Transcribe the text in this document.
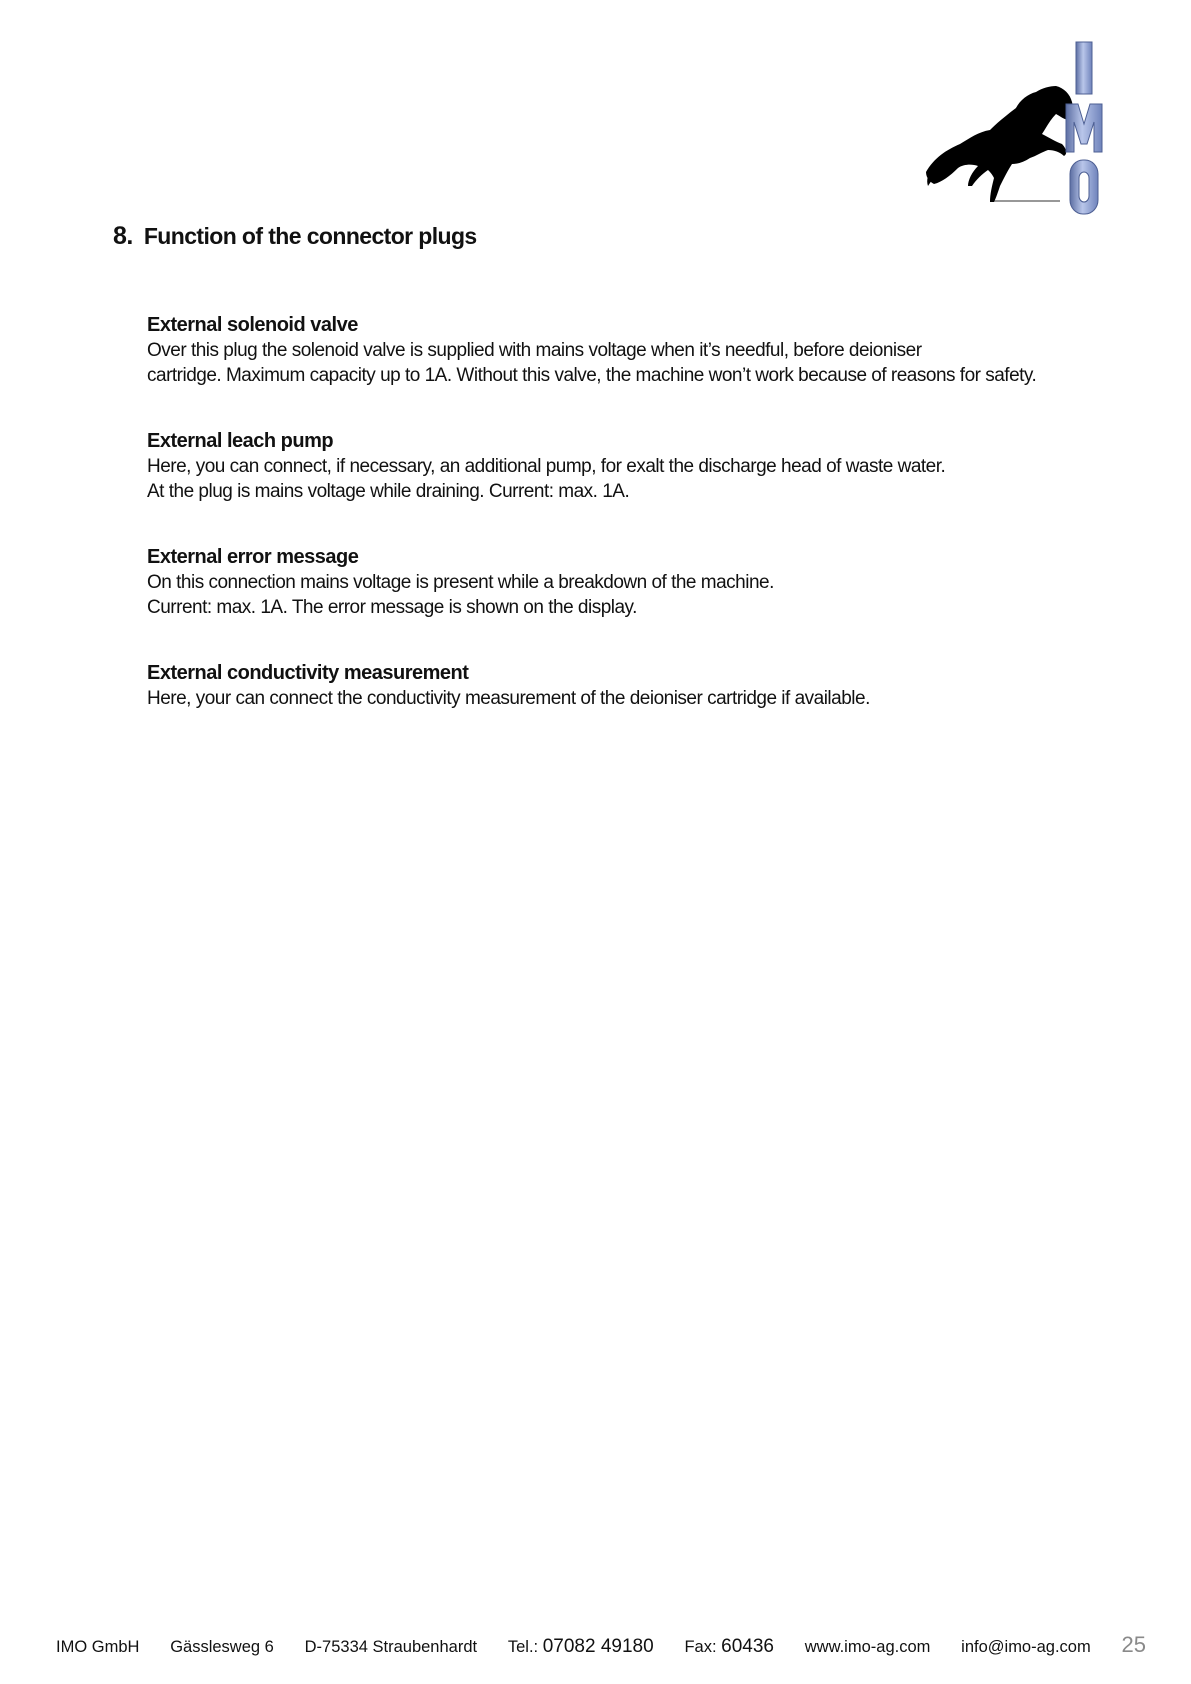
8. Function of the connector plugs
External solenoid valve

Over this plug the solenoid valve is supplied with mains voltage when it’s needful, before deioniser

cartridge. Maximum capacity up to 1A. Without this valve, the machine won’t work because of reasons for safety.

External leach pump

Here, you can connect, if necessary, an additional pump, for exalt the discharge head of waste water.

At the plug is mains voltage while draining. Current: max. 1A.

External error message

On this connection mains voltage is present while a breakdown of the machine.

Current: max. 1A. The error message is shown on the display.

External conductivity measurement

Here, your can connect the conductivity measurement of the deioniser cartridge if available.

IMO GmbH Gässlesweg 6 D-75334 Straubenhardt Tel.: 07082 49180 Fax: 60436 www.imo-ag.com info@imo-ag.com 25
